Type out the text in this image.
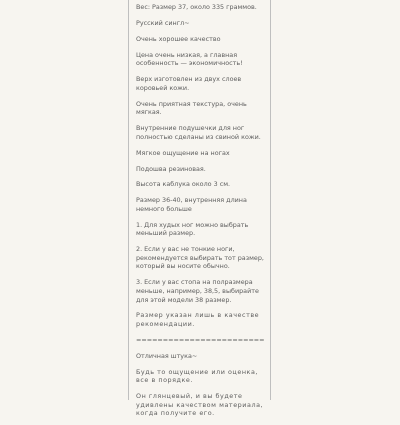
Вес: Размер 37, около 335 граммов.

Русский сингл~

Очень хорошее качество

Цена очень низкая, а главная особенность — экономичность!

Верх изготовлен из двух слоев коровьей кожи.

Очень приятная текстура, очень мягкая.

Внутренние подушечки для ног полностью сделаны из свиной кожи.

Мягкое ощущение на ногах

Подошва резиновая.

Высота каблука около 3 см.

Размер 36-40, внутренняя длина немного больше

1. Для худых ног можно выбрать меньший размер.

2. Если у вас не тонкие ноги, рекомендуется выбирать тот размер, который вы носите обычно.

3. Если у вас стопа на полразмера меньше, например, 38,5, выбирайте для этой модели 38 размер.

Размер указан лишь в качестве рекомендации.

========================

Отличная штука~

Будь то ощущение или оценка, все в порядке.

Он глянцевый, и вы будете удивлены качеством материала, когда получите его.
